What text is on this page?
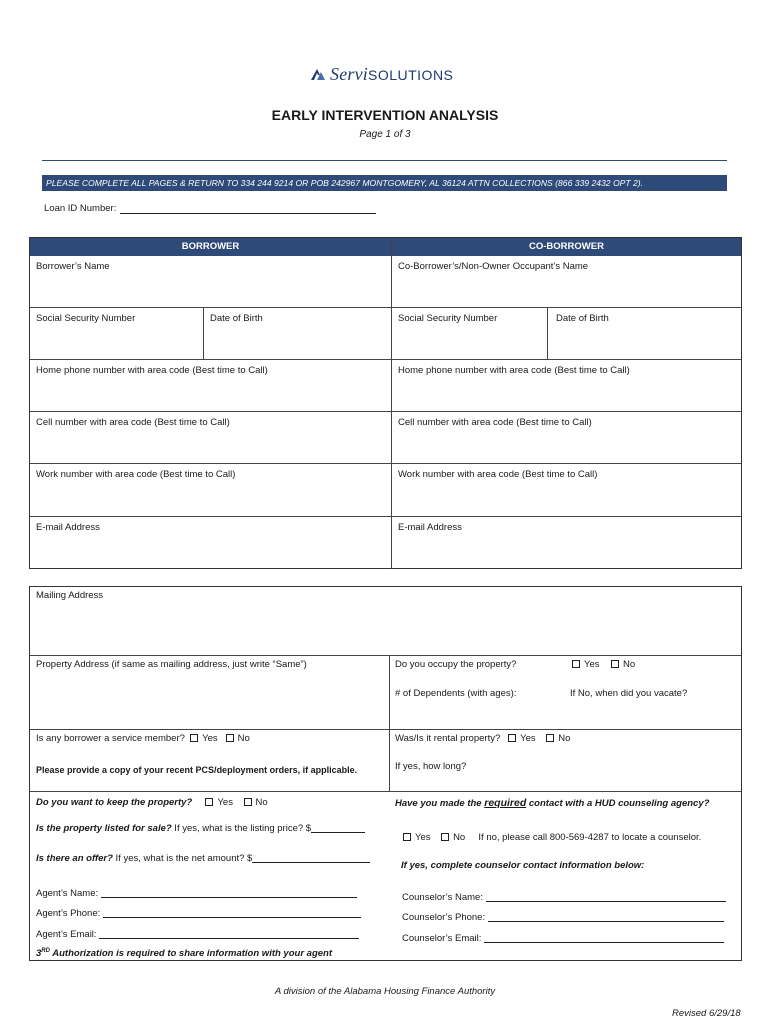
ServiSOLUTIONS
EARLY INTERVENTION ANALYSIS
Page 1 of 3
PLEASE COMPLETE ALL PAGES & RETURN TO 334 244 9214 OR POB 242967 MONTGOMERY, AL 36124 ATTN COLLECTIONS (866 339 2432 OPT 2).
Loan ID Number:
BORROWER	CO-BORROWER
Borrower’s Name	Co-Borrower’s/Non-Owner Occupant’s Name
Social Security Number	Date of Birth	Social Security Number	Date of Birth
Home phone number with area code (Best time to Call)	Home phone number with area code (Best time to Call)
Cell number with area code (Best time to Call)	Cell number with area code (Best time to Call)
Work number with area code (Best time to Call)	Work number with area code (Best time to Call)
E-mail Address	E-mail Address
Mailing Address
Property Address (if same as mailing address, just write “Same”)	Do you occupy the property?	Yes	No
# of Dependents (with ages):	If No, when did you vacate?
Is any borrower a service member? Yes No
Please provide a copy of your recent PCS/deployment orders, if applicable.
Was/Is it rental property? Yes No
If yes, how long?
Do you want to keep the property?	Yes No
Is the property listed for sale? If yes, what is the listing price? $
Is there an offer? If yes, what is the net amount? $
Agent’s Name:
Agent’s Phone:
Agent’s Email:
3RD Authorization is required to share information with your agent
Have you made the required contact with a HUD counseling agency?
Yes No If no, please call 800-569-4287 to locate a counselor.
If yes, complete counselor contact information below:
Counselor’s Name:
Counselor’s Phone:
Counselor’s Email:
A division of the Alabama Housing Finance Authority
Revised 6/29/18
